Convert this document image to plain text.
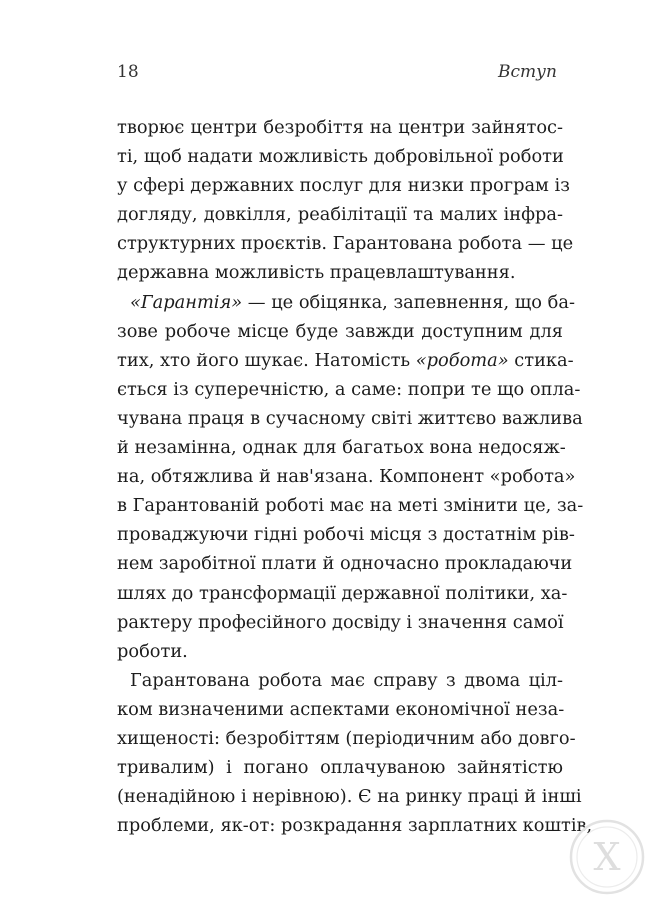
18	Вступ
творює центри безробіття на центри зайнятос-
ті, щоб надати можливість добровільної роботи
у сфері державних послуг для низки програм із
догляду, довкілля, реабілітації та малих інфра-
структурних проєктів. Гарантована робота — це
державна можливість працевлаштування.
«Гарантія» — це обіцянка, запевнення, що ба-
зове робоче місце буде завжди доступним для
тих, хто його шукає. Натомість «робота» стика-
ється із суперечністю, а саме: попри те що опла-
чувана праця в сучасному світі життєво важлива
й незамінна, однак для багатьох вона недосяж-
на, обтяжлива й нав'язана. Компонент «робота»
в Гарантованій роботі має на меті змінити це, за-
проваджуючи гідні робочі місця з достатнім рів-
нем заробітної плати й одночасно прокладаючи
шлях до трансформації державної політики, ха-
рактеру професійного досвіду і значення самої
роботи.
Гарантована робота має справу з двома ціл-
ком визначеними аспектами економічної неза-
хищеності: безробіттям (періодичним або довго-
тривалим) і погано оплачуваною зайнятістю
(ненадійною і нерівною). Є на ринку праці й інші
проблеми, як-от: розкрадання зарплатних коштів,
Х
